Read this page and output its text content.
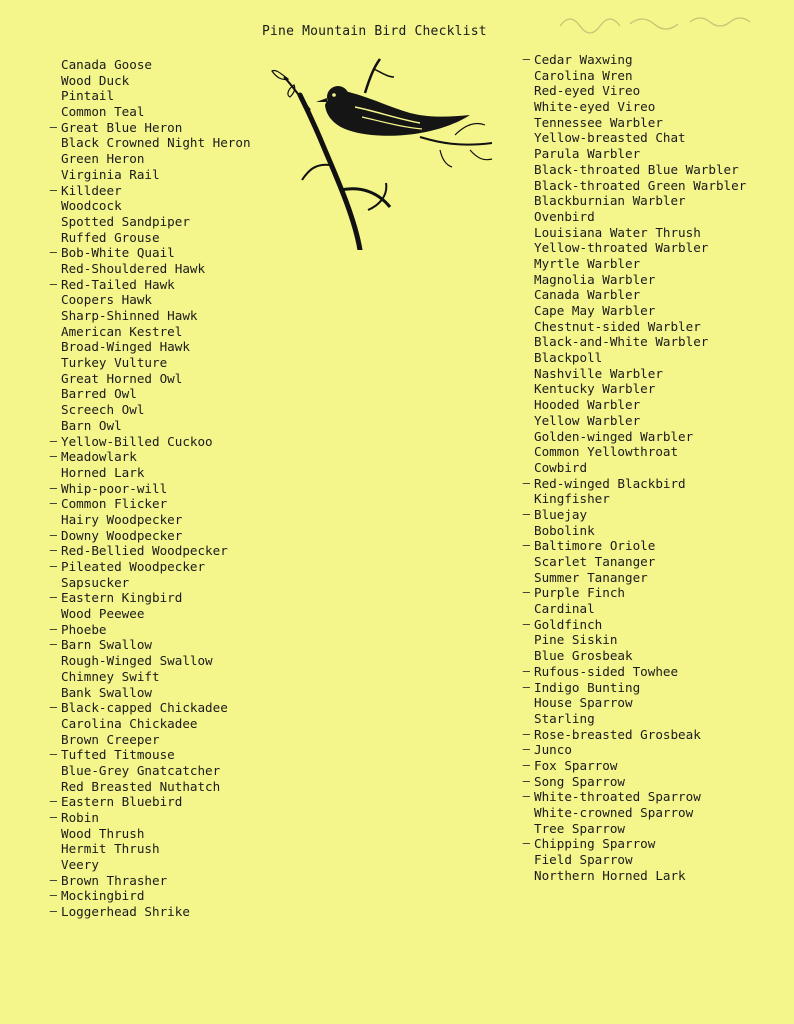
Pine Mountain Bird Checklist
Canada Goose
Wood Duck
Pintail
Common Teal
— Great Blue Heron
Black Crowned Night Heron
Green Heron
Virginia Rail
— Killdeer
Woodcock
Spotted Sandpiper
Ruffed Grouse
— Bob-White Quail
Red-Shouldered Hawk
— Red-Tailed Hawk
Coopers Hawk
Sharp-Shinned Hawk
American Kestrel
Broad-Winged Hawk
Turkey Vulture
Great Horned Owl
Barred Owl
Screech Owl
Barn Owl
— Yellow-Billed Cuckoo
— Meadowlark
Horned Lark
— Whip-poor-will
— Common Flicker
Hairy Woodpecker
— Downy Woodpecker
— Red-Bellied Woodpecker
— Pileated Woodpecker
Sapsucker
— Eastern Kingbird
Wood Peewee
— Phoebe
— Barn Swallow
Rough-Winged Swallow
Chimney Swift
Bank Swallow
— Black-capped Chickadee
Carolina Chickadee
Brown Creeper
— Tufted Titmouse
Blue-Grey Gnatcatcher
Red Breasted Nuthatch
— Eastern Bluebird
— Robin
Wood Thrush
Hermit Thrush
Veery
— Brown Thrasher
— Mockingbird
— Loggerhead Shrike
— Cedar Waxwing
Carolina Wren
Red-eyed Vireo
White-eyed Vireo
Tennessee Warbler
Yellow-breasted Chat
Parula Warbler
Black-throated Blue Warbler
Black-throated Green Warbler
Blackburnian Warbler
Ovenbird
Louisiana Water Thrush
Yellow-throated Warbler
Myrtle Warbler
Magnolia Warbler
Canada Warbler
Cape May Warbler
Chestnut-sided Warbler
Black-and-White Warbler
Blackpoll
Nashville Warbler
Kentucky Warbler
Hooded Warbler
Yellow Warbler
Golden-winged Warbler
Common Yellowthroat
Cowbird
— Red-winged Blackbird
Kingfisher
— Bluejay
Bobolink
— Baltimore Oriole
Scarlet Tananger
Summer Tananger
— Purple Finch
Cardinal
— Goldfinch
Pine Siskin
Blue Grosbeak
— Rufous-sided Towhee
— Indigo Bunting
House Sparrow
Starling
— Rose-breasted Grosbeak
— Junco
— Fox Sparrow
— Song Sparrow
— White-throated Sparrow
White-crowned Sparrow
Tree Sparrow
— Chipping Sparrow
Field Sparrow
Northern Horned Lark
